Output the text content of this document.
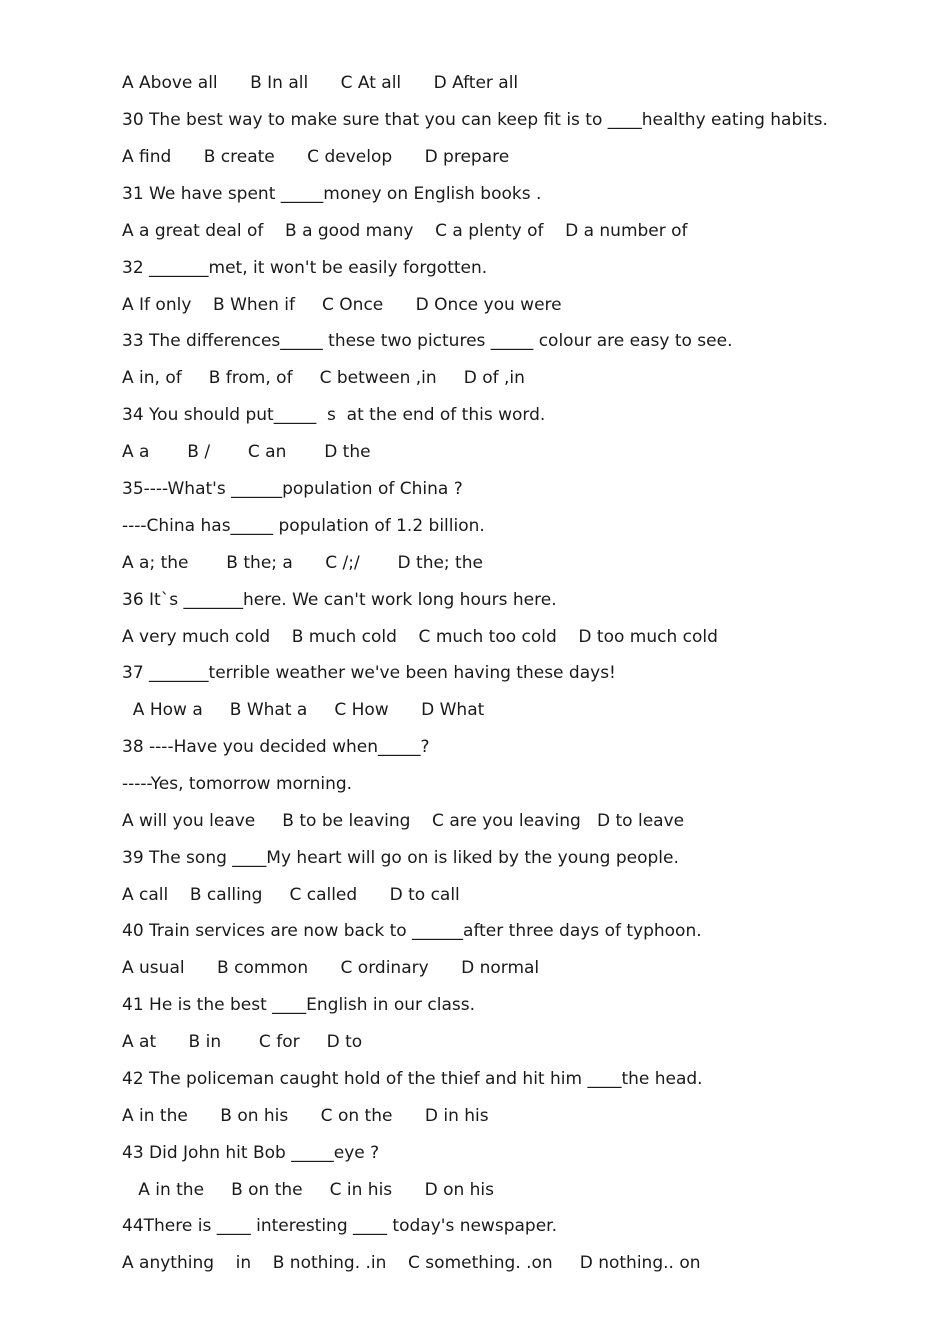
A Above all      B In all      C At all      D After all
30 The best way to make sure that you can keep fit is to ____healthy eating habits.
A find      B create      C develop      D prepare
31 We have spent _____money on English books .
A a great deal of    B a good many    C a plenty of    D a number of
32 _______met, it won't be easily forgotten.
A If only    B When if     C Once      D Once you were
33 The differences_____ these two pictures _____ colour are easy to see.
A in, of     B from, of     C between ,in     D of ,in
34 You should put_____  s  at the end of this word.
A a       B /       C an       D the
35----What's ______population of China ?
----China has_____ population of 1.2 billion.
A a; the       B the; a      C /;/       D the; the
36 It`s _______here. We can't work long hours here.
A very much cold    B much cold    C much too cold    D too much cold
37 _______terrible weather we've been having these days!
A How a     B What a     C How      D What
38 ----Have you decided when_____?
-----Yes, tomorrow morning.
A will you leave     B to be leaving    C are you leaving   D to leave
39 The song ____My heart will go on is liked by the young people.
A call    B calling     C called      D to call
40 Train services are now back to ______after three days of typhoon.
A usual      B common      C ordinary      D normal
41 He is the best ____English in our class.
A at      B in       C for     D to
42 The policeman caught hold of the thief and hit him ____the head.
A in the      B on his      C on the      D in his
43 Did John hit Bob _____eye ?
A in the     B on the     C in his      D on his
44There is ____ interesting ____ today's newspaper.
A anything    in    B nothing. .in    C something. .on     D nothing.. on
